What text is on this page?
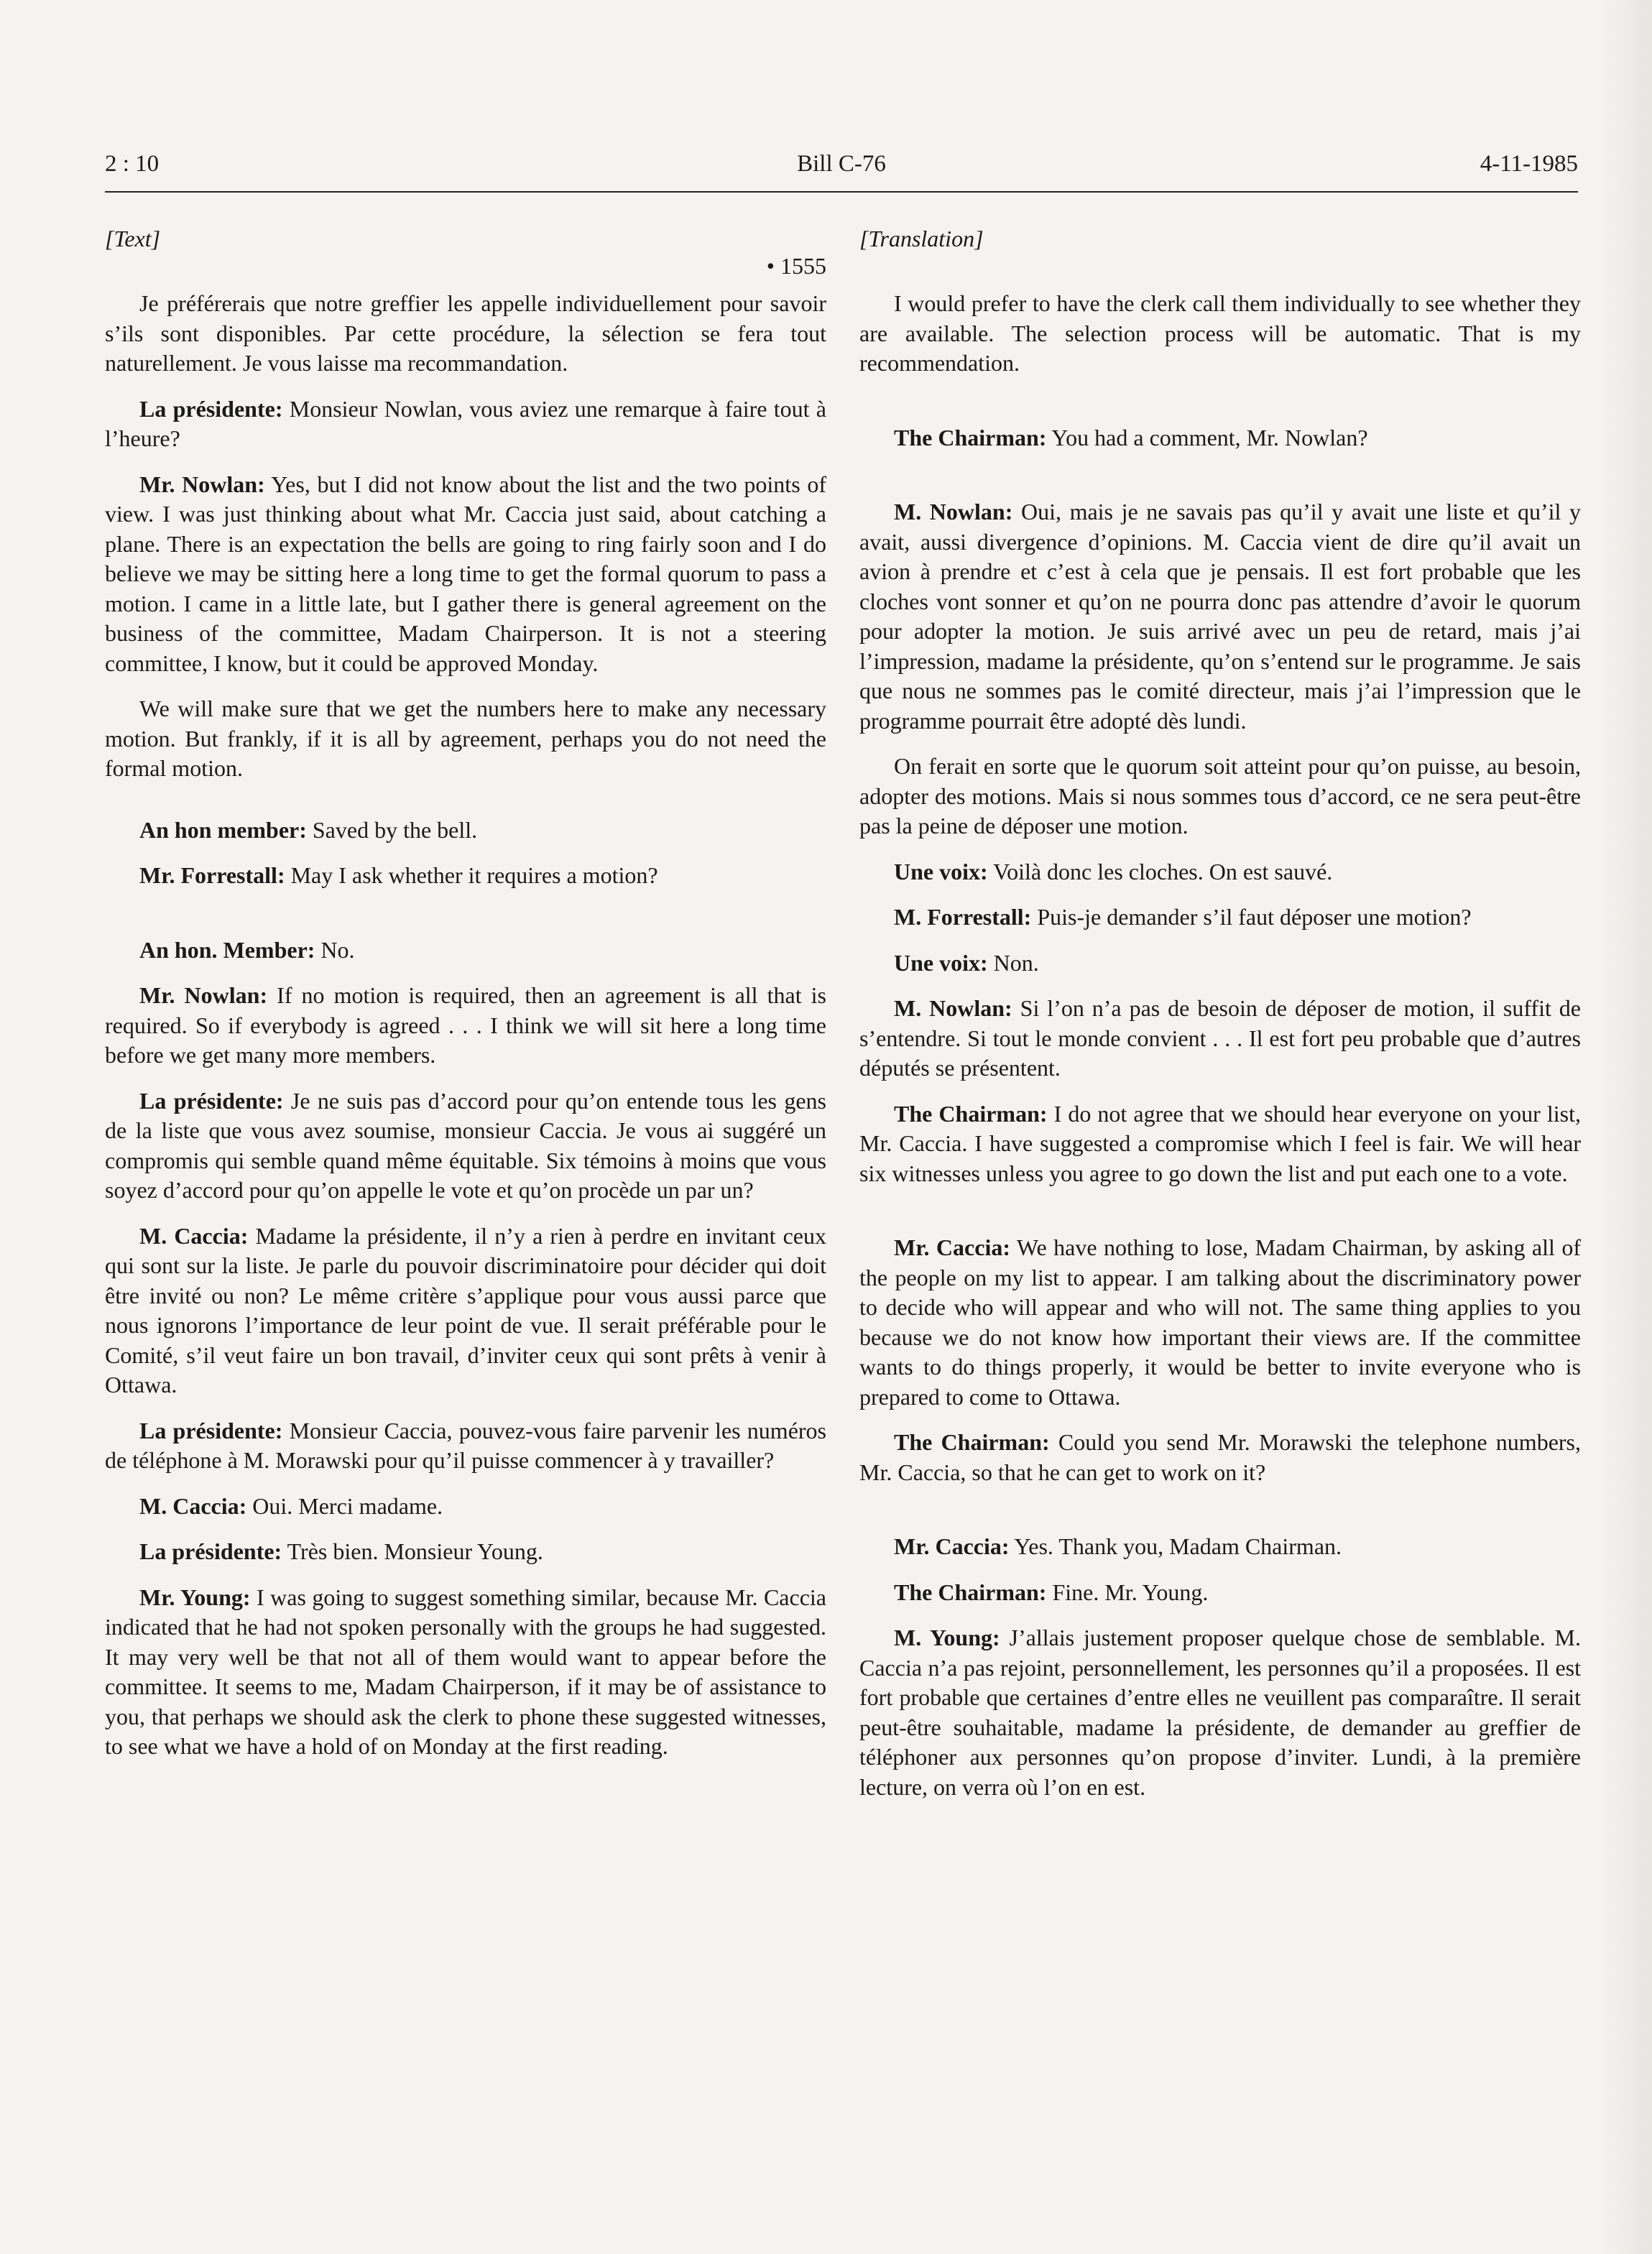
2 : 10	Bill C-76	4-11-1985
[Text]
• 1555

Je préférerais que notre greffier les appelle individuellement pour savoir s’ils sont disponibles. Par cette procédure, la sélection se fera tout naturellement. Je vous laisse ma recommandation.

La présidente: Monsieur Nowlan, vous aviez une remarque à faire tout à l’heure?

Mr. Nowlan: Yes, but I did not know about the list and the two points of view. I was just thinking about what Mr. Caccia just said, about catching a plane. There is an expectation the bells are going to ring fairly soon and I do believe we may be sitting here a long time to get the formal quorum to pass a motion. I came in a little late, but I gather there is general agreement on the business of the committee, Madam Chairperson. It is not a steering committee, I know, but it could be approved Monday.

We will make sure that we get the numbers here to make any necessary motion. But frankly, if it is all by agreement, perhaps you do not need the formal motion.

An hon member: Saved by the bell.

Mr. Forrestall: May I ask whether it requires a motion?

An hon. Member: No.

Mr. Nowlan: If no motion is required, then an agreement is all that is required. So if everybody is agreed . . . I think we will sit here a long time before we get many more members.

La présidente: Je ne suis pas d’accord pour qu’on entende tous les gens de la liste que vous avez soumise, monsieur Caccia. Je vous ai suggéré un compromis qui semble quand même équitable. Six témoins à moins que vous soyez d’accord pour qu’on appelle le vote et qu’on procède un par un?

M. Caccia: Madame la présidente, il n’y a rien à perdre en invitant ceux qui sont sur la liste. Je parle du pouvoir discriminatoire pour décider qui doit être invité ou non? Le même critère s’applique pour vous aussi parce que nous ignorons l’importance de leur point de vue. Il serait préférable pour le Comité, s’il veut faire un bon travail, d’inviter ceux qui sont prêts à venir à Ottawa.

La présidente: Monsieur Caccia, pouvez-vous faire parvenir les numéros de téléphone à M. Morawski pour qu’il puisse commencer à y travailler?

M. Caccia: Oui. Merci madame.

La présidente: Très bien. Monsieur Young.

Mr. Young: I was going to suggest something similar, because Mr. Caccia indicated that he had not spoken personally with the groups he had suggested. It may very well be that not all of them would want to appear before the committee. It seems to me, Madam Chairperson, if it may be of assistance to you, that perhaps we should ask the clerk to phone these suggested witnesses, to see what we have a hold of on Monday at the first reading.

[Translation]

I would prefer to have the clerk call them individually to see whether they are available. The selection process will be automatic. That is my recommendation.

The Chairman: You had a comment, Mr. Nowlan?

M. Nowlan: Oui, mais je ne savais pas qu’il y avait une liste et qu’il y avait, aussi divergence d’opinions. M. Caccia vient de dire qu’il avait un avion à prendre et c’est à cela que je pensais. Il est fort probable que les cloches vont sonner et qu’on ne pourra donc pas attendre d’avoir le quorum pour adopter la motion. Je suis arrivé avec un peu de retard, mais j’ai l’impression, madame la présidente, qu’on s’entend sur le programme. Je sais que nous ne sommes pas le comité directeur, mais j’ai l’impression que le programme pourrait être adopté dès lundi.

On ferait en sorte que le quorum soit atteint pour qu’on puisse, au besoin, adopter des motions. Mais si nous sommes tous d’accord, ce ne sera peut-être pas la peine de déposer une motion.

Une voix: Voilà donc les cloches. On est sauvé.

M. Forrestall: Puis-je demander s’il faut déposer une motion?

Une voix: Non.

M. Nowlan: Si l’on n’a pas de besoin de déposer de motion, il suffit de s’entendre. Si tout le monde convient . . . Il est fort peu probable que d’autres députés se présentent.

The Chairman: I do not agree that we should hear everyone on your list, Mr. Caccia. I have suggested a compromise which I feel is fair. We will hear six witnesses unless you agree to go down the list and put each one to a vote.

Mr. Caccia: We have nothing to lose, Madam Chairman, by asking all of the people on my list to appear. I am talking about the discriminatory power to decide who will appear and who will not. The same thing applies to you because we do not know how important their views are. If the committee wants to do things properly, it would be better to invite everyone who is prepared to come to Ottawa.

The Chairman: Could you send Mr. Morawski the telephone numbers, Mr. Caccia, so that he can get to work on it?

Mr. Caccia: Yes. Thank you, Madam Chairman.

The Chairman: Fine. Mr. Young.

M. Young: J’allais justement proposer quelque chose de semblable. M. Caccia n’a pas rejoint, personnellement, les personnes qu’il a proposées. Il est fort probable que certaines d’entre elles ne veuillent pas comparaître. Il serait peut-être souhaitable, madame la présidente, de demander au greffier de téléphoner aux personnes qu’on propose d’inviter. Lundi, à la première lecture, on verra où l’on en est.
